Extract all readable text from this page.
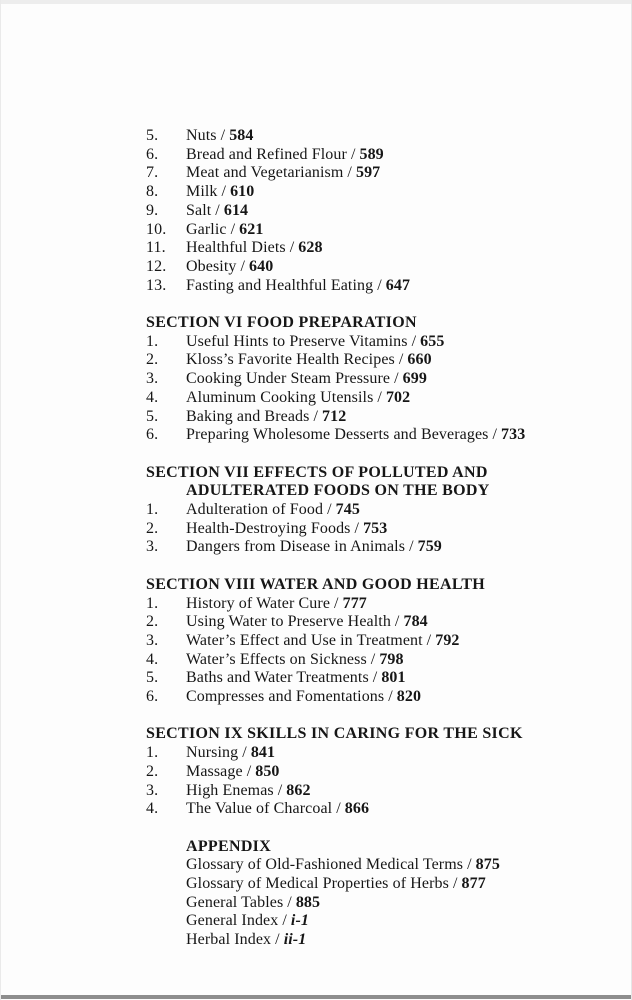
5.	Nuts / 584
6.	Bread and Refined Flour / 589
7.	Meat and Vegetarianism / 597
8.	Milk / 610
9.	Salt / 614
10.	Garlic / 621
11.	Healthful Diets / 628
12.	Obesity / 640
13.	Fasting and Healthful Eating / 647
SECTION VI FOOD PREPARATION
1.	Useful Hints to Preserve Vitamins / 655
2.	Kloss’s Favorite Health Recipes / 660
3.	Cooking Under Steam Pressure / 699
4.	Aluminum Cooking Utensils / 702
5.	Baking and Breads / 712
6.	Preparing Wholesome Desserts and Beverages / 733
SECTION VII EFFECTS OF POLLUTED AND
ADULTERATED FOODS ON THE BODY
1.	Adulteration of Food / 745
2.	Health-Destroying Foods / 753
3.	Dangers from Disease in Animals / 759
SECTION VIII WATER AND GOOD HEALTH
1.	History of Water Cure / 777
2.	Using Water to Preserve Health / 784
3.	Water’s Effect and Use in Treatment / 792
4.	Water’s Effects on Sickness / 798
5.	Baths and Water Treatments / 801
6.	Compresses and Fomentations / 820
SECTION IX SKILLS IN CARING FOR THE SICK
1.	Nursing / 841
2.	Massage / 850
3.	High Enemas / 862
4.	The Value of Charcoal / 866
APPENDIX
Glossary of Old-Fashioned Medical Terms / 875
Glossary of Medical Properties of Herbs / 877
General Tables / 885
General Index / i-1
Herbal Index / ii-1
